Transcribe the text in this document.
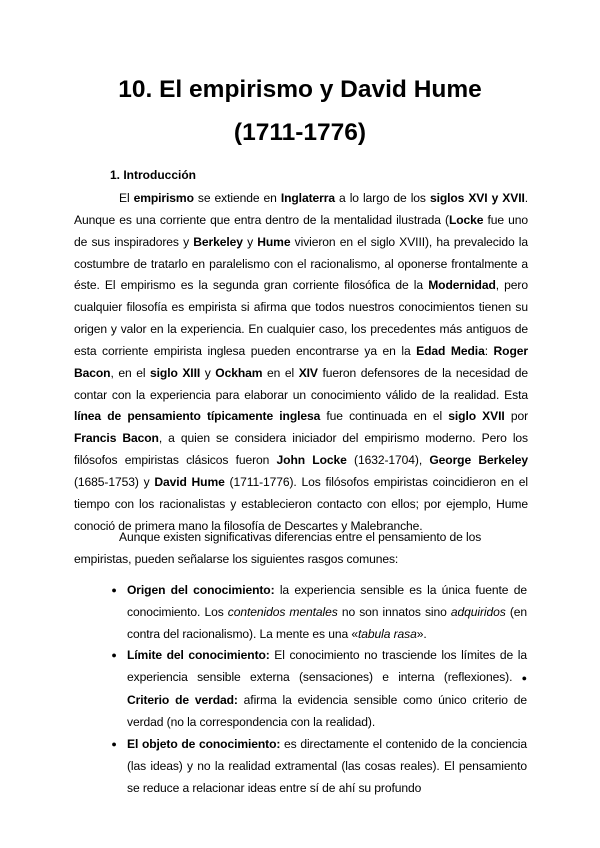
10. El empirismo y David Hume
(1711-1776)
1. Introducción

El empirismo se extiende en Inglaterra a lo largo de los siglos XVI y XVII. Aunque es una corriente que entra dentro de la mentalidad ilustrada (Locke fue uno de sus inspiradores y Berkeley y Hume vivieron en el siglo XVIII), ha prevalecido la costumbre de tratarlo en paralelismo con el racionalismo, al oponerse frontalmente a éste. El empirismo es la segunda gran corriente filosófica de la Modernidad, pero cualquier filosofía es empirista si afirma que todos nuestros conocimientos tienen su origen y valor en la experiencia. En cualquier caso, los precedentes más antiguos de esta corriente empirista inglesa pueden encontrarse ya en la Edad Media: Roger Bacon, en el siglo XIII y Ockham en el XIV fueron defensores de la necesidad de contar con la experiencia para elaborar un conocimiento válido de la realidad. Esta línea de pensamiento típicamente inglesa fue continuada en el siglo XVII por Francis Bacon, a quien se considera iniciador del empirismo moderno. Pero los filósofos empiristas clásicos fueron John Locke (1632-1704), George Berkeley (1685-1753) y David Hume (1711-1776). Los filósofos empiristas coincidieron en el tiempo con los racionalistas y establecieron contacto con ellos; por ejemplo, Hume conoció de primera mano la filosofía de Descartes y Malebranche.

Aunque existen significativas diferencias entre el pensamiento de los empiristas, pueden señalarse los siguientes rasgos comunes:

● Origen del conocimiento: la experiencia sensible es la única fuente de conocimiento. Los contenidos mentales no son innatos sino adquiridos (en contra del racionalismo). La mente es una «tabula rasa».
● Límite del conocimiento: El conocimiento no trasciende los límites de la experiencia sensible externa (sensaciones) e interna (reflexiones). ● Criterio de verdad: afirma la evidencia sensible como único criterio de verdad (no la correspondencia con la realidad).
● El objeto de conocimiento: es directamente el contenido de la conciencia (las ideas) y no la realidad extramental (las cosas reales). El pensamiento se reduce a relacionar ideas entre sí de ahí su profundo
